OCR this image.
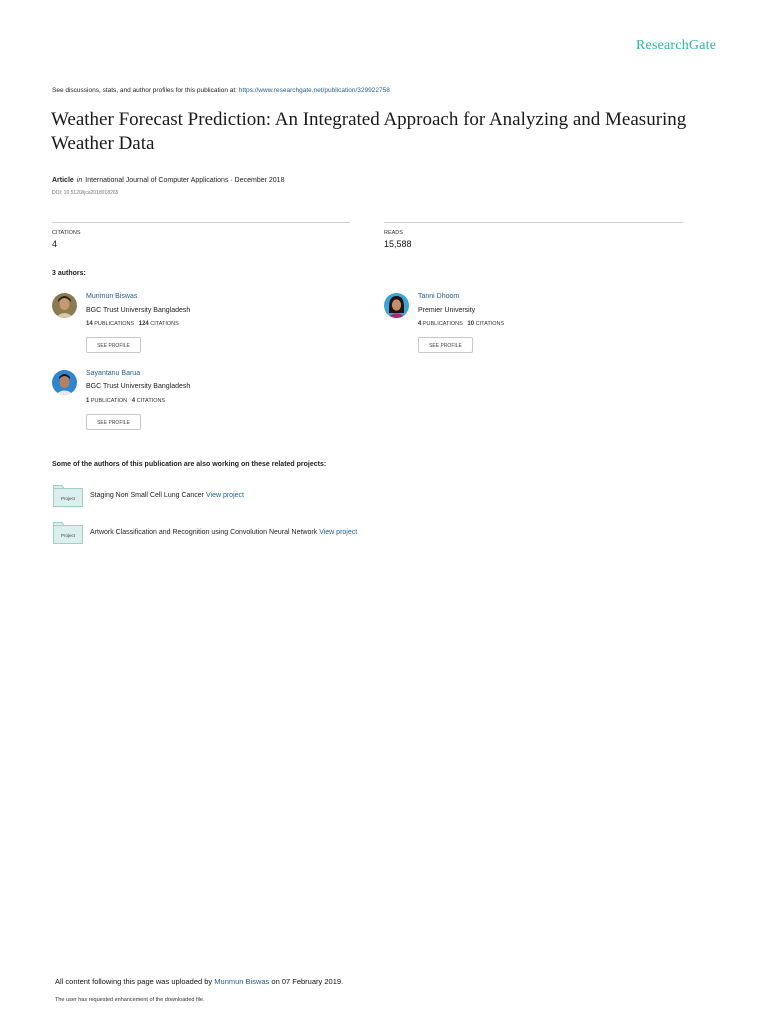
ResearchGate
See discussions, stats, and author profiles for this publication at: https://www.researchgate.net/publication/329922758
Weather Forecast Prediction: An Integrated Approach for Analyzing and Measuring Weather Data
Article in International Journal of Computer Applications · December 2018
DOI: 10.5120/ijca2018918265
CITATIONS
4
READS
15,588
3 authors:
Munmun Biswas
BGC Trust University Bangladesh
14 PUBLICATIONS 124 CITATIONS
SEE PROFILE
Tanni Dhoom
Premier University
4 PUBLICATIONS 10 CITATIONS
SEE PROFILE
Sayantanu Barua
BGC Trust University Bangladesh
1 PUBLICATION 4 CITATIONS
SEE PROFILE
Some of the authors of this publication are also working on these related projects:
Project Staging Non Small Cell Lung Cancer View project
Project Artwork Classification and Recognition using Convolution Neural Network View project
All content following this page was uploaded by Munmun Biswas on 07 February 2019.
The user has requested enhancement of the downloaded file.
